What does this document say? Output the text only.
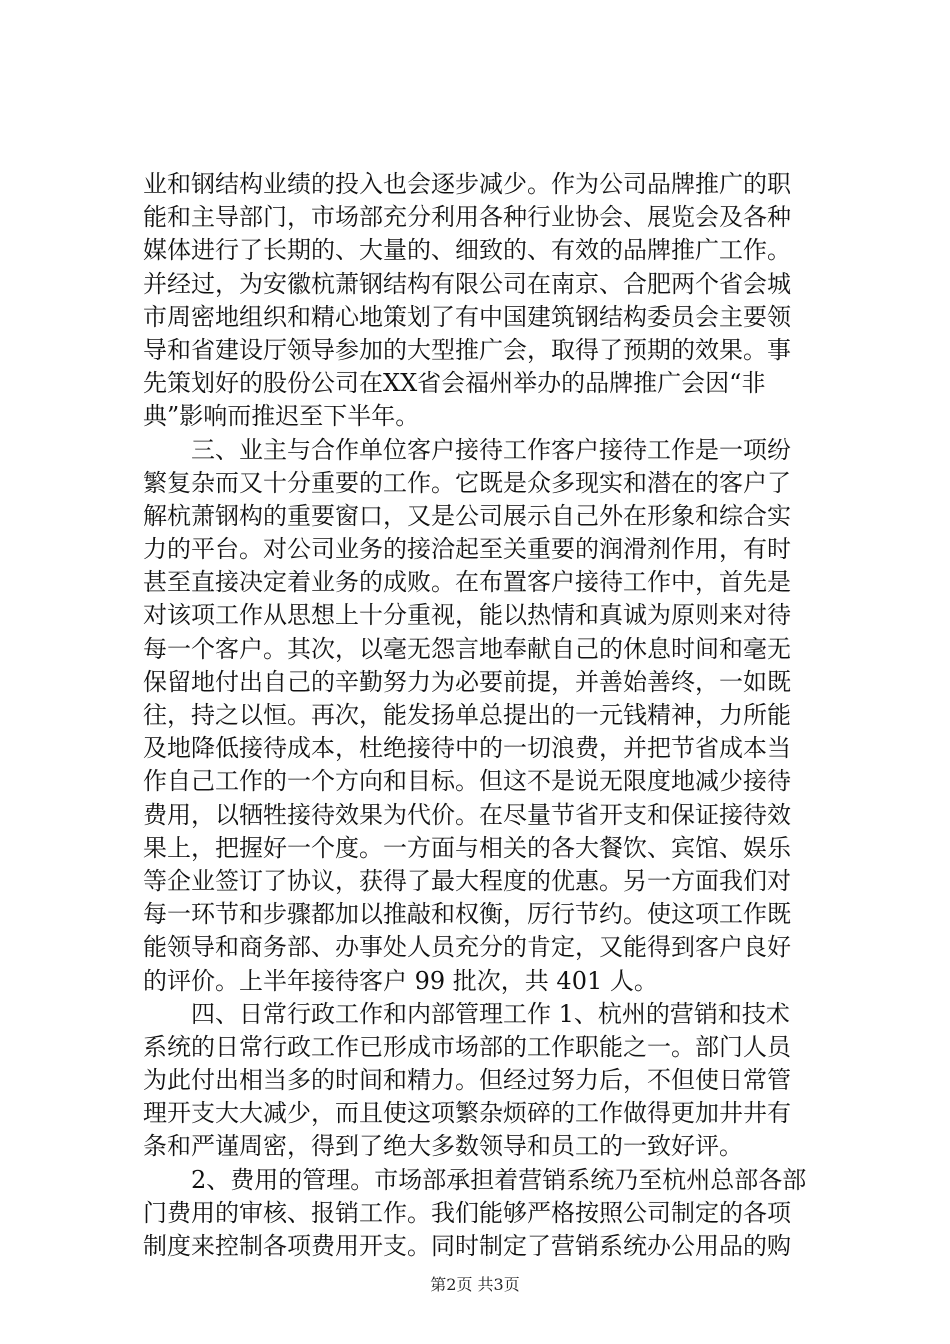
业和钢结构业绩的投入也会逐步减少。作为公司品牌推广的职
能和主导部门，市场部充分利用各种行业协会、展览会及各种
媒体进行了长期的、大量的、细致的、有效的品牌推广工作。
并经过，为安徽杭萧钢结构有限公司在南京、合肥两个省会城
市周密地组织和精心地策划了有中国建筑钢结构委员会主要领
导和省建设厅领导参加的大型推广会，取得了预期的效果。事
先策划好的股份公司在XX省会福州举办的品牌推广会因“非
典”影响而推迟至下半年。
　　三、业主与合作单位客户接待工作客户接待工作是一项纷
繁复杂而又十分重要的工作。它既是众多现实和潜在的客户了
解杭萧钢构的重要窗口，又是公司展示自己外在形象和综合实
力的平台。对公司业务的接洽起至关重要的润滑剂作用，有时
甚至直接决定着业务的成败。在布置客户接待工作中，首先是
对该项工作从思想上十分重视，能以热情和真诚为原则来对待
每一个客户。其次，以毫无怨言地奉献自己的休息时间和毫无
保留地付出自己的辛勤努力为必要前提，并善始善终，一如既
往，持之以恒。再次，能发扬单总提出的一元钱精神，力所能
及地降低接待成本，杜绝接待中的一切浪费，并把节省成本当
作自己工作的一个方向和目标。但这不是说无限度地减少接待
费用，以牺牲接待效果为代价。在尽量节省开支和保证接待效
果上，把握好一个度。一方面与相关的各大餐饮、宾馆、娱乐
等企业签订了协议，获得了最大程度的优惠。另一方面我们对
每一环节和步骤都加以推敲和权衡，厉行节约。使这项工作既
能领导和商务部、办事处人员充分的肯定，又能得到客户良好
的评价。上半年接待客户 99 批次，共 401 人。
　　四、日常行政工作和内部管理工作 1、杭州的营销和技术
系统的日常行政工作已形成市场部的工作职能之一。部门人员
为此付出相当多的时间和精力。但经过努力后，不但使日常管
理开支大大减少，而且使这项繁杂烦碎的工作做得更加井井有
条和严谨周密，得到了绝大多数领导和员工的一致好评。
　　2、费用的管理。市场部承担着营销系统乃至杭州总部各部
门费用的审核、报销工作。我们能够严格按照公司制定的各项
制度来控制各项费用开支。同时制定了营销系统办公用品的购
第2页 共3页
